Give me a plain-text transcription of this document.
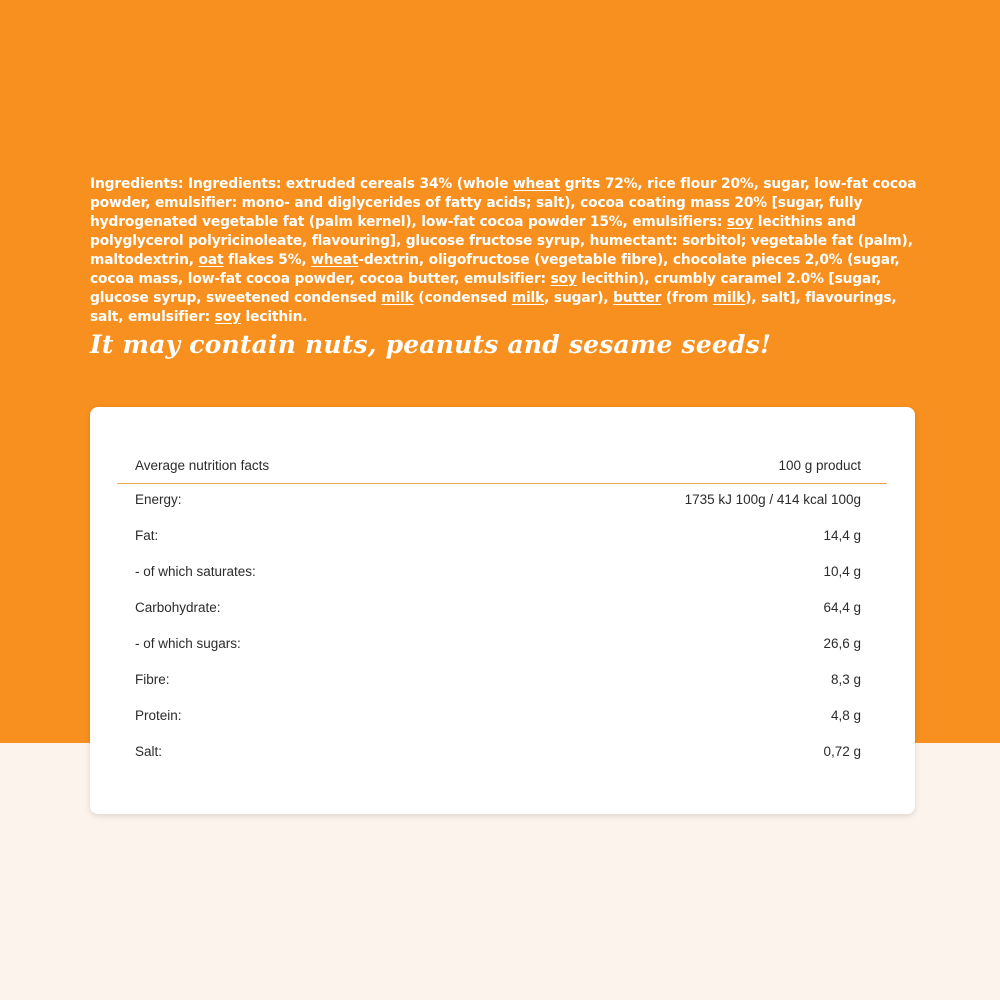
Ingredients: Ingredients: extruded cereals 34% (whole wheat grits 72%, rice flour 20%, sugar, low-fat cocoa powder, emulsifier: mono- and diglycerides of fatty acids; salt), cocoa coating mass 20% [sugar, fully hydrogenated vegetable fat (palm kernel), low-fat cocoa powder 15%, emulsifiers: soy lecithins and polyglycerol polyricinoleate, flavouring], glucose fructose syrup, humectant: sorbitol; vegetable fat (palm), maltodextrin, oat flakes 5%, wheat-dextrin, oligofructose (vegetable fibre), chocolate pieces 2,0% (sugar, cocoa mass, low-fat cocoa powder, cocoa butter, emulsifier: soy lecithin), crumbly caramel 2.0% [sugar, glucose syrup, sweetened condensed milk (condensed milk, sugar), butter (from milk), salt], flavourings, salt, emulsifier: soy lecithin.

It may contain nuts, peanuts and sesame seeds!
Average nutrition facts	100 g product
Energy:	1735 kJ 100g / 414 kcal 100g
Fat:	14,4 g
- of which saturates:	10,4 g
Carbohydrate:	64,4 g
- of which sugars:	26,6 g
Fibre:	8,3 g
Protein:	4,8 g
Salt:	0,72 g
